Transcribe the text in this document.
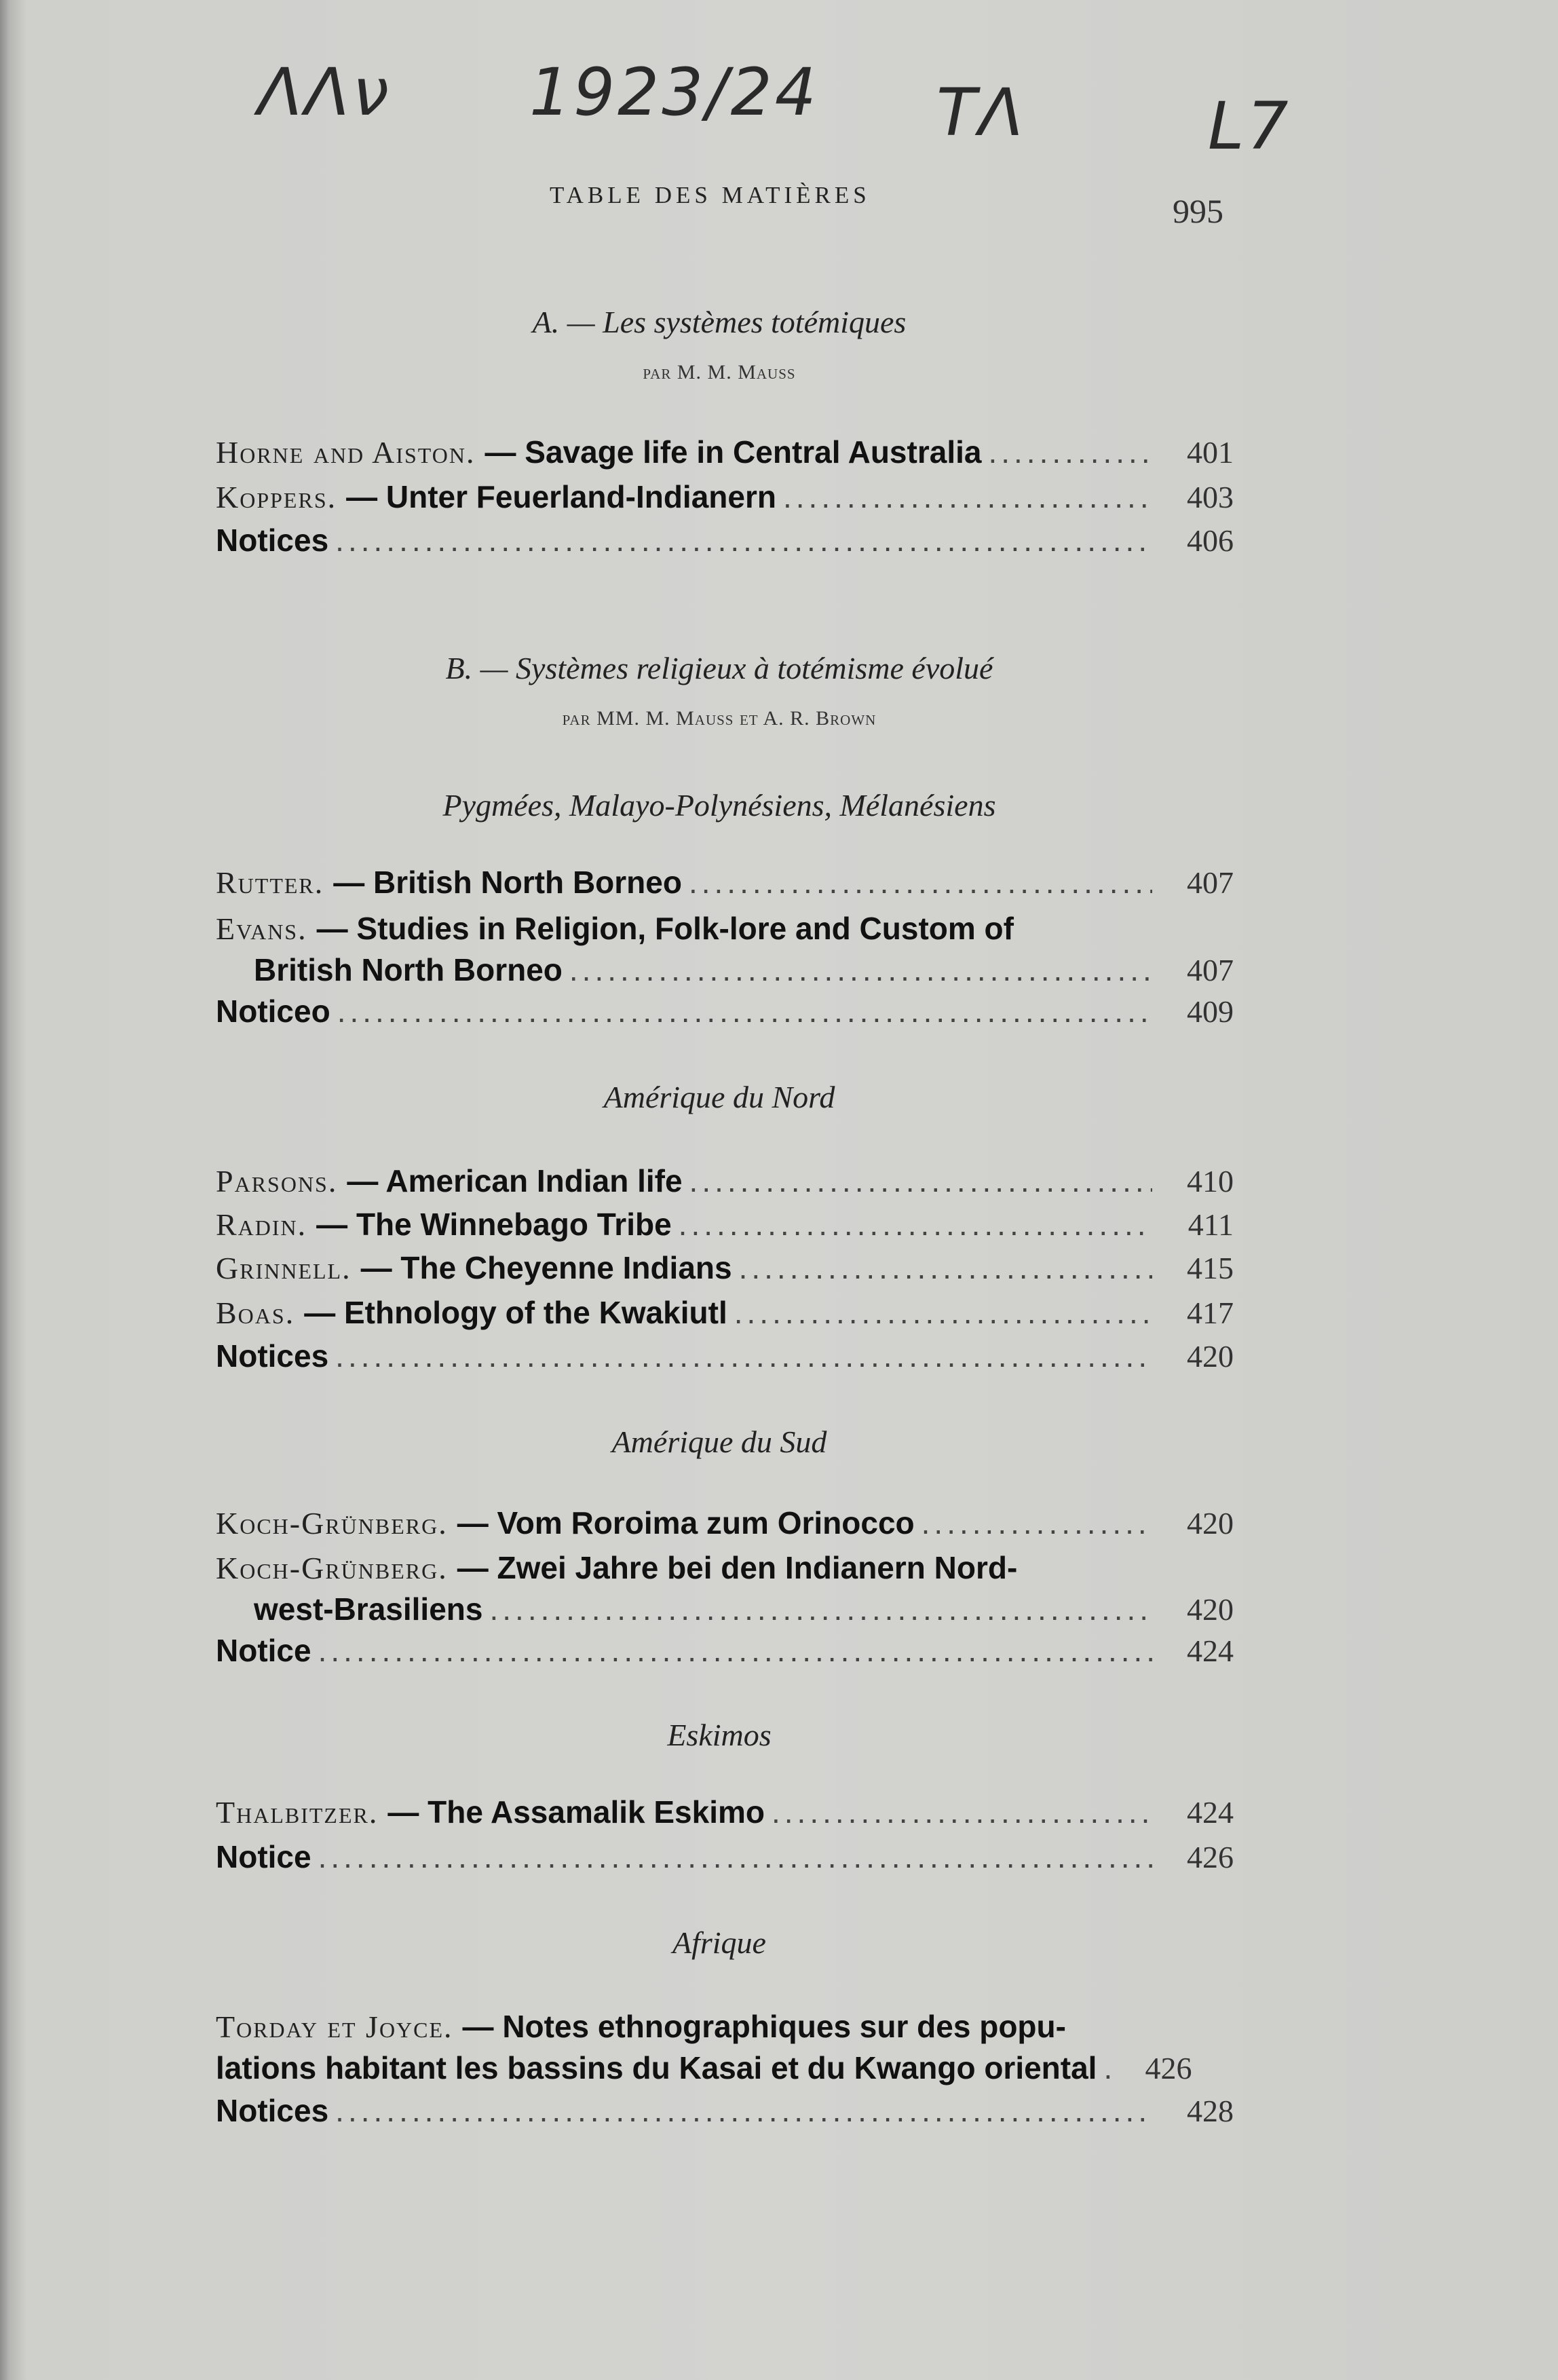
ΛΛν 1923/24 TΛ	L7
TABLE DES MATIÈRES	995
A. — Les systèmes totémiques
par M. M. Mauss
Horne and Aiston. — Savage life in Central Australia .....	401
Koppers. — Unter Feuerland-Indianern .....	403
Notices .....	406
B. — Systèmes religieux à totémisme évolué
par MM. M. Mauss et A. R. Brown
Pygmées, Malayo-Polynésiens, Mélanésiens
Rutter. — British North Borneo .....	407
Evans. — Studies in Religion, Folk-lore and Custom of
British North Borneo .....	407
Noticeo .....	409
Amérique du Nord
Parsons. — American Indian life .....	410
Radin. — The Winnebago Tribe .....	411
Grinnell. — The Cheyenne Indians .....	415
Boas. — Ethnology of the Kwakiutl .....	417
Notices .....	420
Amérique du Sud
Koch-Grünberg. — Vom Roroima zum Orinocco .....	420
Koch-Grünberg. — Zwei Jahre bei den Indianern Nord-
west-Brasiliens .....	420
Notice .....	424
Eskimos
Thalbitzer. — The Assamalik Eskimo .....	424
Notice .....	426
Afrique
Torday et Joyce. — Notes ethnographiques sur des popu-
lations habitant les bassins du Kasai et du Kwango oriental .....	426
Notices .....	428
